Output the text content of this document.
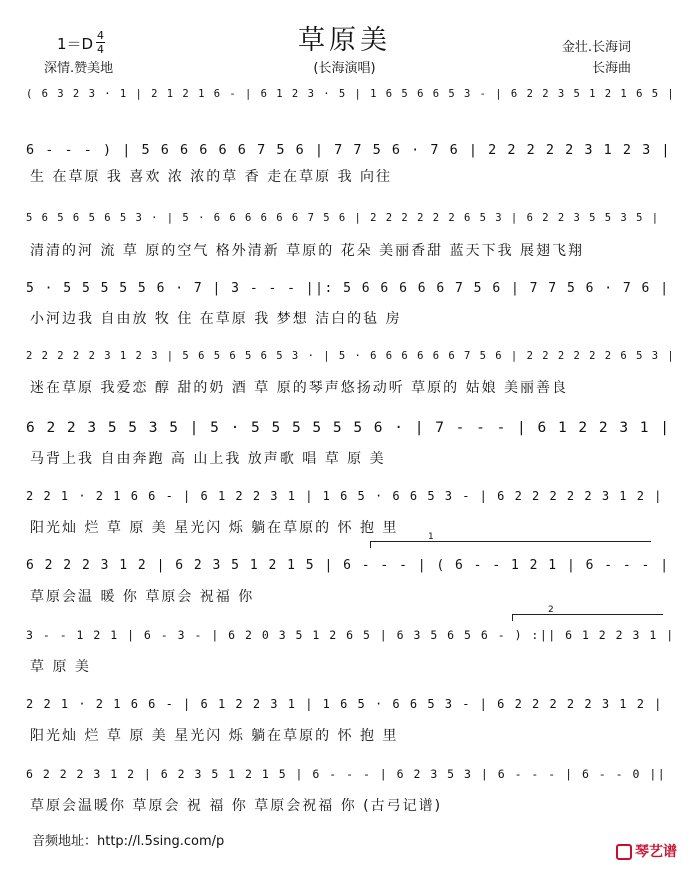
草原美
1＝D 4
4
深情.赞美地	(长海演唱)
金壮.长海词
长海曲
( 6 3 2 3 · 1 | 2 1 2 1 6 - | 6 1 2 3 · 5 | 1 6 5 6 6 5 3 - | 6 2 2 3 5 1 2 1 6 5 |
6 - - - ) | 5 6 6 6 6 6 7 5 6 | 7 7 5 6 · 7 6 | 2 2 2 2 2 3 1 2 3 |
生 在草原 我 喜欢 浓 浓的草 香 走在草原 我 向往
5 6 5 6 5 6 5 3 · | 5 · 6 6 6 6 6 6 7 5 6 | 2 2 2 2 2 2 6 5 3 | 6 2 2 3 5 5 3 5 |
清清的河 流 草 原的空气 格外清新 草原的 花朵 美丽香甜 蓝天下我 展翅飞翔
5 · 5 5 5 5 5 6 · 7 | 3 - - - ||: 5 6 6 6 6 6 7 5 6 | 7 7 5 6 · 7 6 |
小河边我 自由放 牧 住 在草原 我 梦想 洁白的毡 房
2 2 2 2 2 3 1 2 3 | 5 6 5 6 5 6 5 3 · | 5 · 6 6 6 6 6 6 7 5 6 | 2 2 2 2 2 2 6 5 3 |
迷在草原 我爱恋 醇 甜的奶 酒 草 原的琴声悠扬动听 草原的 姑娘 美丽善良
6 2 2 3 5 5 3 5 | 5 · 5 5 5 5 5 5 6 · | 7 - - - | 6 1 2 2 3 1 |
马背上我 自由奔跑 高 山上我 放声歌 唱 草 原 美
2 2 1 · 2 1 6 6 - | 6 1 2 2 3 1 | 1 6 5 · 6 6 5 3 - | 6 2 2 2 2 2 3 1 2 |
阳光灿 烂 草 原 美 星光闪 烁 躺在草原的 怀 抱 里
1
6 2 2 2 3 1 2 | 6 2 3 5 1 2 1 5 | 6 - - - | ( 6 - - 1 2 1 | 6 - - - |
草原会温 暖 你 草原会 祝福 你
2
3 - - 1 2 1 | 6 - 3 - | 6 2 0 3 5 1 2 6 5 | 6 3 5 6 5 6 - ) :|| 6 1 2 2 3 1 |
草 原 美
2 2 1 · 2 1 6 6 - | 6 1 2 2 3 1 | 1 6 5 · 6 6 5 3 - | 6 2 2 2 2 2 3 1 2 |
阳光灿 烂 草 原 美 星光闪 烁 躺在草原的 怀 抱 里
6 2 2 2 3 1 2 | 6 2 3 5 1 2 1 5 | 6 - - - | 6 2 3 5 3 | 6 - - - | 6 - - 0 ||
草原会温暖你 草原会 祝 福 你 草原会祝福 你 (古弓记谱)
音频地址：http://l.5sing.com/p
琴艺谱
